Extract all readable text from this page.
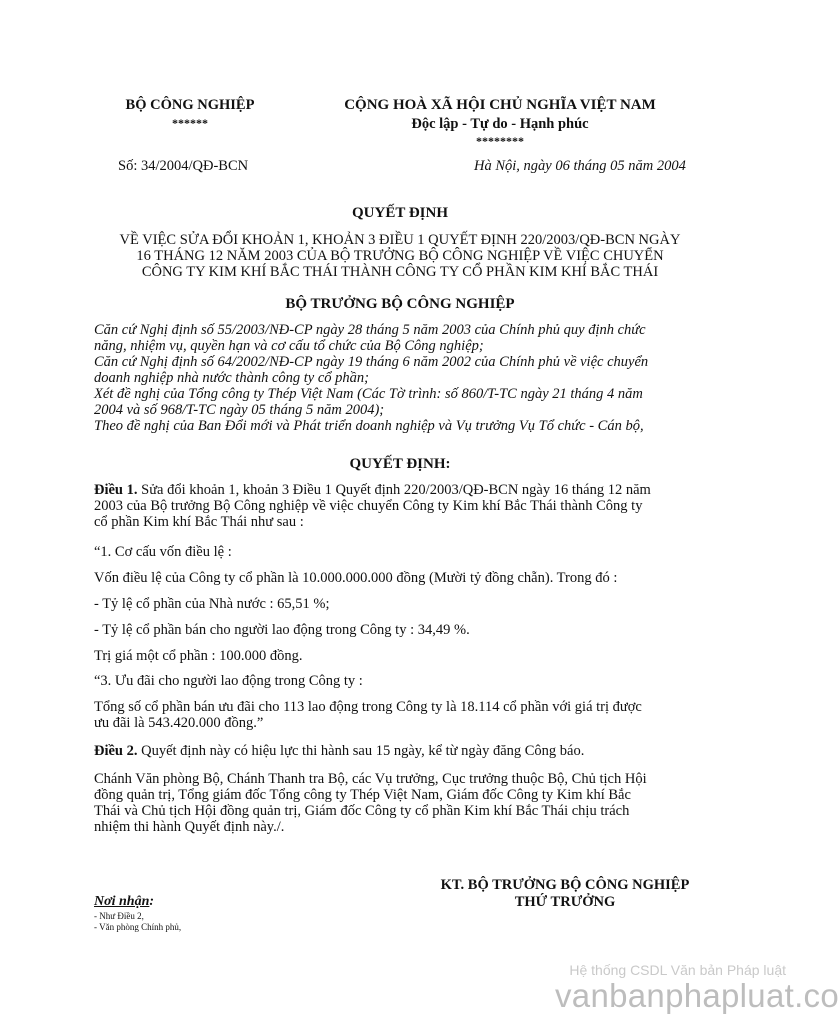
BỘ CÔNG NGHIỆP
******
CỘNG HOÀ XÃ HỘI CHỦ NGHĨA VIỆT NAM
Độc lập - Tự do - Hạnh phúc
********
Số: 34/2004/QĐ-BCN	Hà Nội, ngày 06 tháng 05 năm 2004
QUYẾT ĐỊNH
VỀ VIỆC SỬA ĐỔI KHOẢN 1, KHOẢN 3 ĐIỀU 1 QUYẾT ĐỊNH 220/2003/QĐ-BCN NGÀY
16 THÁNG 12 NĂM 2003 CỦA BỘ TRƯỞNG BỘ CÔNG NGHIỆP VỀ VIỆC CHUYỂN
CÔNG TY KIM KHÍ BẮC THÁI THÀNH CÔNG TY CỔ PHẦN KIM KHÍ BẮC THÁI
BỘ TRƯỞNG BỘ CÔNG NGHIỆP
Căn cứ Nghị định số 55/2003/NĐ-CP ngày 28 tháng 5 năm 2003 của Chính phủ quy định chức
năng, nhiệm vụ, quyền hạn và cơ cấu tổ chức của Bộ Công nghiệp;
Căn cứ Nghị định số 64/2002/NĐ-CP ngày 19 tháng 6 năm 2002 của Chính phủ về việc chuyển
doanh nghiệp nhà nước thành công ty cổ phần;
Xét đề nghị của Tổng công ty Thép Việt Nam (Các Tờ trình: số 860/T-TC ngày 21 tháng 4 năm
2004 và số 968/T-TC ngày 05 tháng 5 năm 2004);
Theo đề nghị của Ban Đổi mới và Phát triển doanh nghiệp và Vụ trưởng Vụ Tổ chức - Cán bộ,
QUYẾT ĐỊNH:
Điều 1. Sửa đổi khoản 1, khoản 3 Điều 1 Quyết định 220/2003/QĐ-BCN ngày 16 tháng 12 năm
2003 của Bộ trưởng Bộ Công nghiệp về việc chuyển Công ty Kim khí Bắc Thái thành Công ty
cổ phần Kim khí Bắc Thái như sau :
“1. Cơ cấu vốn điều lệ :
Vốn điều lệ của Công ty cổ phần là 10.000.000.000 đồng (Mười tỷ đồng chẵn). Trong đó :
- Tỷ lệ cổ phần của Nhà nước : 65,51 %;
- Tỷ lệ cổ phần bán cho người lao động trong Công ty : 34,49 %.
Trị giá một cổ phần : 100.000 đồng.
“3. Ưu đãi cho người lao động trong Công ty :
Tổng số cổ phần bán ưu đãi cho 113 lao động trong Công ty là 18.114 cổ phần với giá trị được
ưu đãi là 543.420.000 đồng.”
Điều 2. Quyết định này có hiệu lực thi hành sau 15 ngày, kể từ ngày đăng Công báo.
Chánh Văn phòng Bộ, Chánh Thanh tra Bộ, các Vụ trưởng, Cục trưởng thuộc Bộ, Chủ tịch Hội
đồng quản trị, Tổng giám đốc Tổng công ty Thép Việt Nam, Giám đốc Công ty Kim khí Bắc
Thái và Chủ tịch Hội đồng quản trị, Giám đốc Công ty cổ phần Kim khí Bắc Thái chịu trách
nhiệm thi hành Quyết định này./.
KT. BỘ TRƯỞNG BỘ CÔNG NGHIỆP
THỨ TRƯỞNG
Nơi nhận:
- Như Điều 2,
- Văn phòng Chính phủ,
Hệ thống CSDL Văn bản Pháp luật
vanbanphapluat.co
